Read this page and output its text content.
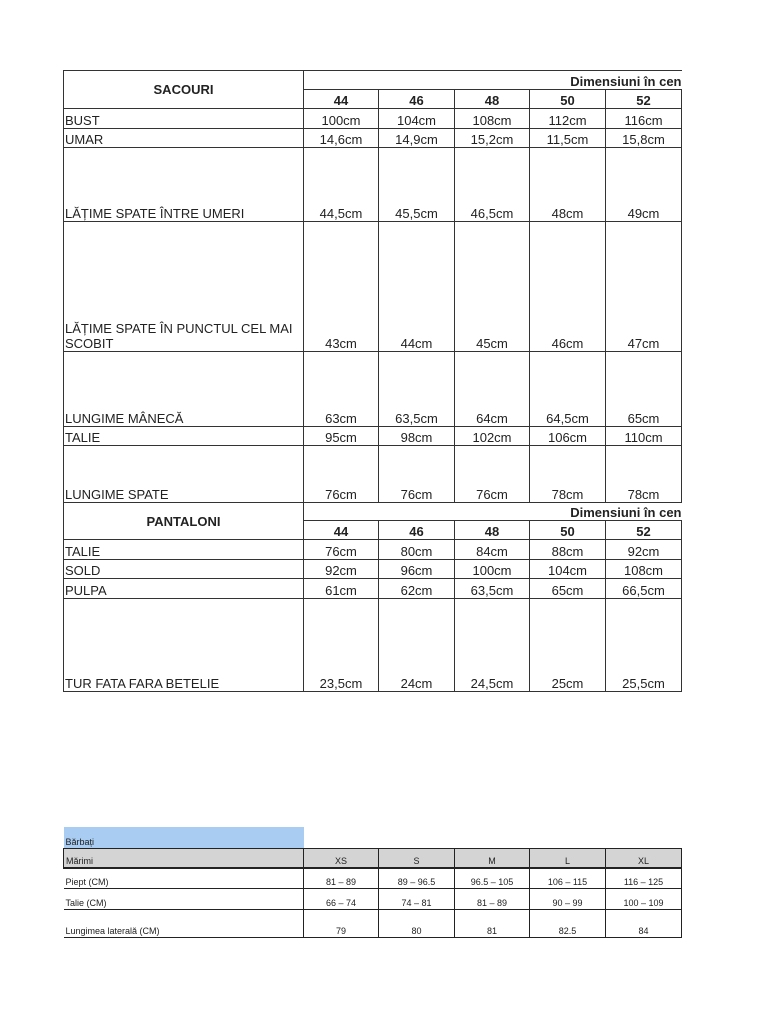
SACOURI	Dimensiuni în cen				
	44	46	48	50	52
BUST	100cm	104cm	108cm	112cm	116cm
UMAR	14,6cm	14,9cm	15,2cm	11,5cm	15,8cm
LĂȚIME SPATE ÎNTRE UMERI	44,5cm	45,5cm	46,5cm	48cm	49cm
LĂȚIME SPATE ÎN PUNCTUL CEL MAI SCOBIT	43cm	44cm	45cm	46cm	47cm
LUNGIME MÂNECĂ	63cm	63,5cm	64cm	64,5cm	65cm
TALIE	95cm	98cm	102cm	106cm	110cm
LUNGIME SPATE	76cm	76cm	76cm	78cm	78cm
PANTALONI	Dimensiuni în cen				
	44	46	48	50	52
TALIE	76cm	80cm	84cm	88cm	92cm
SOLD	92cm	96cm	100cm	104cm	108cm
PULPA	61cm	62cm	63,5cm	65cm	66,5cm
TUR FATA FARA BETELIE	23,5cm	24cm	24,5cm	25cm	25,5cm
Bărbați					
Mărimi	XS	S	M	L	XL
Piept (CM)	81 – 89	89 – 96.5	96.5 – 105	106 – 115	116 – 125
Talie (CM)	66 – 74	74 – 81	81 – 89	90 – 99	100 – 109
Lungimea laterală (CM)	79	80	81	82.5	84
